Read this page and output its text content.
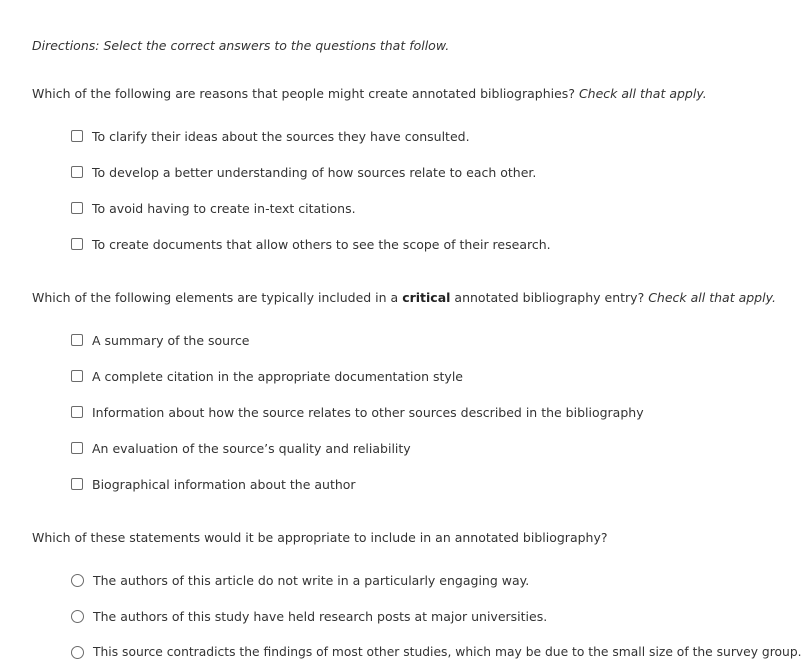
Directions: Select the correct answers to the questions that follow.
Which of the following are reasons that people might create annotated bibliographies? Check all that apply.
To clarify their ideas about the sources they have consulted.
To develop a better understanding of how sources relate to each other.
To avoid having to create in-text citations.
To create documents that allow others to see the scope of their research.
Which of the following elements are typically included in a critical annotated bibliography entry? Check all that apply.
A summary of the source
A complete citation in the appropriate documentation style
Information about how the source relates to other sources described in the bibliography
An evaluation of the source’s quality and reliability
Biographical information about the author
Which of these statements would it be appropriate to include in an annotated bibliography?
The authors of this article do not write in a particularly engaging way.
The authors of this study have held research posts at major universities.
This source contradicts the findings of most other studies, which may be due to the small size of the survey group.
